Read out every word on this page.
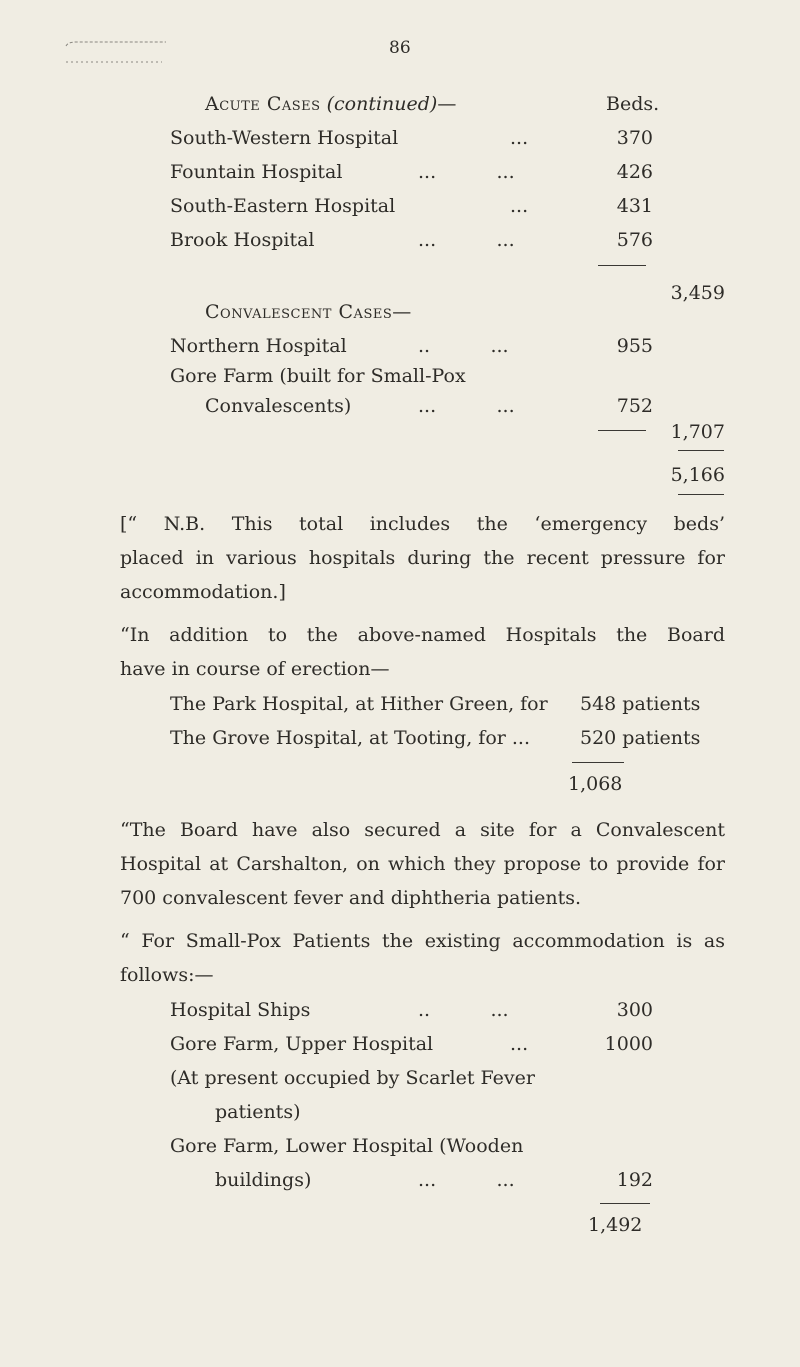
86
Acute Cases (continued)—	Beds.
South-Western Hospital	...	370
Fountain Hospital	...          ...	426
South-Eastern Hospital	...	431
Brook Hospital	...          ...	576
3,459
Convalescent Cases—
Northern Hospital	..          ...	955
Gore Farm (built for Small-Pox
Convalescents)	...          ...	752
1,707
5,166
[“ N.B. This total includes the ‘emergency beds’
placed in various hospitals during the recent pressure for
accommodation.]
“In addition to the above-named Hospitals the Board
have in course of erection—
The Park Hospital, at Hither Green, for 548 patients
The Grove Hospital, at Tooting, for ...	520 patients
1,068
“The Board have also secured a site for a Convalescent
Hospital at Carshalton, on which they propose to provide for
700 convalescent fever and diphtheria patients.
“ For Small-Pox Patients the existing accommodation is as
follows:—
Hospital Ships	..          ...	300
Gore Farm, Upper Hospital	...	1000
(At present occupied by Scarlet Fever
patients)
Gore Farm, Lower Hospital (Wooden
buildings)	...          ...	192
1,492
